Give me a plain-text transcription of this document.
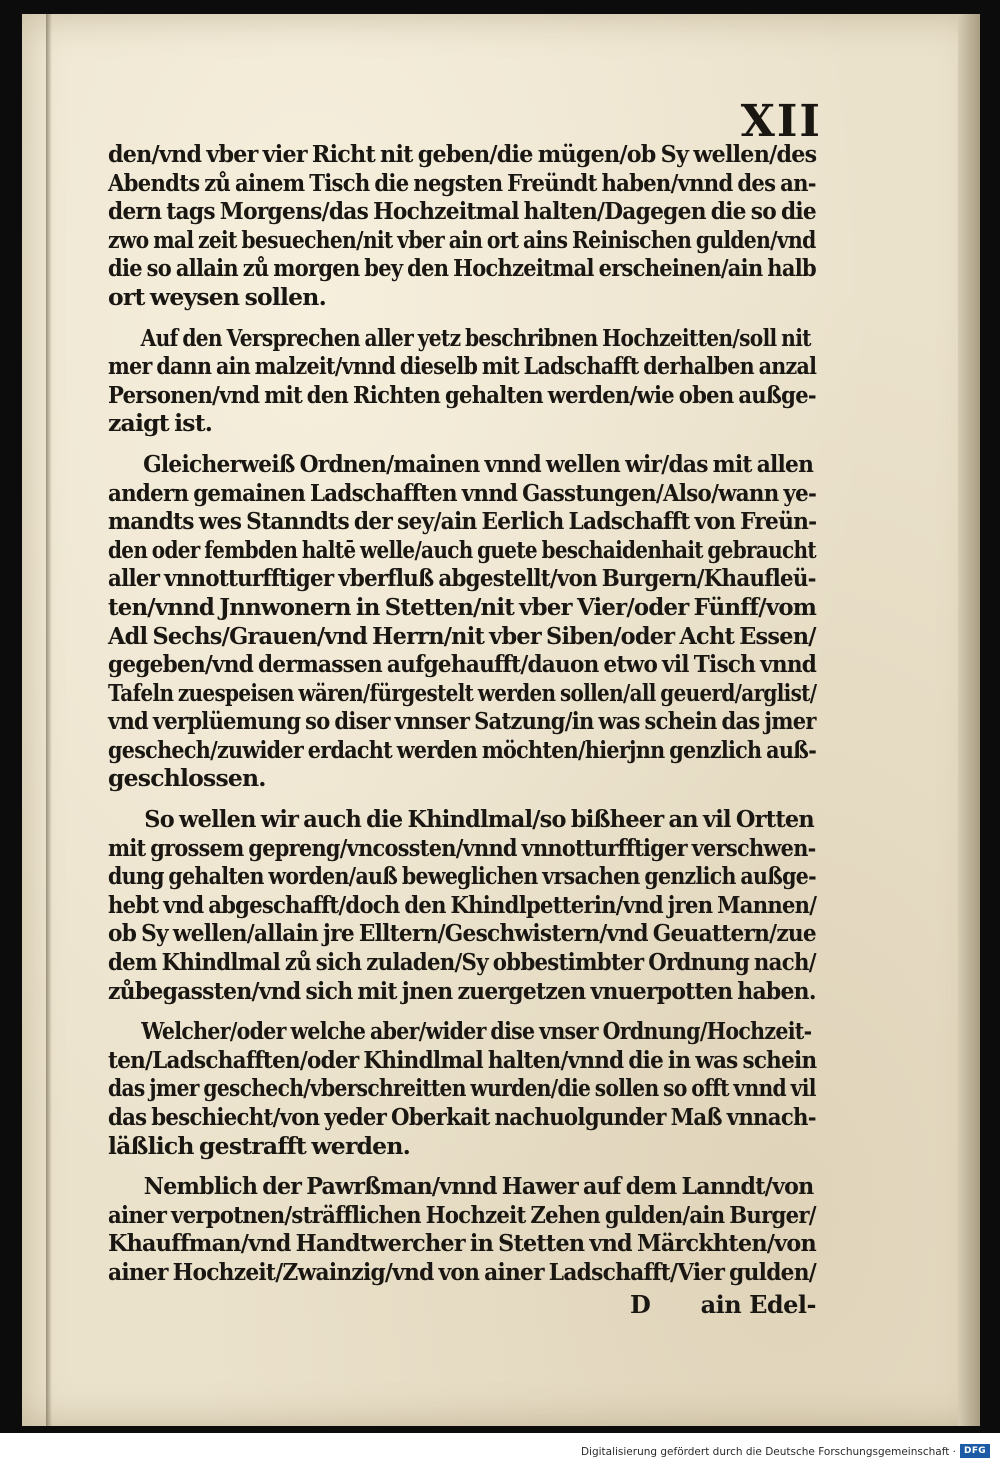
XII
den/vnd vber vier Richt nit geben/die mügen/ob Sy wellen/des
Abendts zů ainem Tisch die negsten Freündt haben/vnnd des an-
dern tags Morgens/das Hochzeitmal halten/Dagegen die so die
zwo mal zeit besuechen/nit vber ain ort ains Reinischen gulden/vnd
die so allain zů morgen bey den Hochzeitmal erscheinen/ain halb
ort weysen sollen.
Auf den Versprechen aller yetz beschribnen Hochzeitten/soll nit
mer dann ain malzeit/vnnd dieselb mit Ladschafft derhalben anzal
Personen/vnd mit den Richten gehalten werden/wie oben außge-
zaigt ist.
Gleicherweiß Ordnen/mainen vnnd wellen wir/das mit allen
andern gemainen Ladschafften vnnd Gasstungen/Also/wann ye-
mandts wes Stanndts der sey/ain Eerlich Ladschafft von Freün-
den oder fembden haltē welle/auch guete beschaidenhait gebraucht
aller vnnotturfftiger vberfluß abgestellt/von Burgern/Khaufleü-
ten/vnnd Jnnwonern in Stetten/nit vber Vier/oder Fünff/vom
Adl Sechs/Grauen/vnd Herrn/nit vber Siben/oder Acht Essen/
gegeben/vnd dermassen aufgehaufft/dauon etwo vil Tisch vnnd
Tafeln zuespeisen wären/fürgestelt werden sollen/all geuerd/arglist/
vnd verplüemung so diser vnnser Satzung/in was schein das jmer
geschech/zuwider erdacht werden möchten/hierjnn genzlich auß-
geschlossen.
So wellen wir auch die Khindlmal/so bißheer an vil Ortten
mit grossem gepreng/vncossten/vnnd vnnotturfftiger verschwen-
dung gehalten worden/auß beweglichen vrsachen genzlich außge-
hebt vnd abgeschafft/doch den Khindlpetterin/vnd jren Mannen/
ob Sy wellen/allain jre Elltern/Geschwistern/vnd Geuattern/zue
dem Khindlmal zů sich zuladen/Sy obbestimbter Ordnung nach/
zůbegassten/vnd sich mit jnen zuergetzen vnuerpotten haben.
Welcher/oder welche aber/wider dise vnser Ordnung/Hochzeit-
ten/Ladschafften/oder Khindlmal halten/vnnd die in was schein
das jmer geschech/vberschreitten wurden/die sollen so offt vnnd vil
das beschiecht/von yeder Oberkait nachuolgunder Maß vnnach-
läßlich gestrafft werden.
Nemblich der Pawrßman/vnnd Hawer auf dem Lanndt/von
ainer verpotnen/sträfflichen Hochzeit Zehen gulden/ain Burger/
Khauffman/vnd Handtwercher in Stetten vnd Märckhten/von
ainer Hochzeit/Zwainzig/vnd von ainer Ladschafft/Vier gulden/
D ain Edel-
Digitalisierung gefördert durch die Deutsche Forschungsgemeinschaft · DFG
